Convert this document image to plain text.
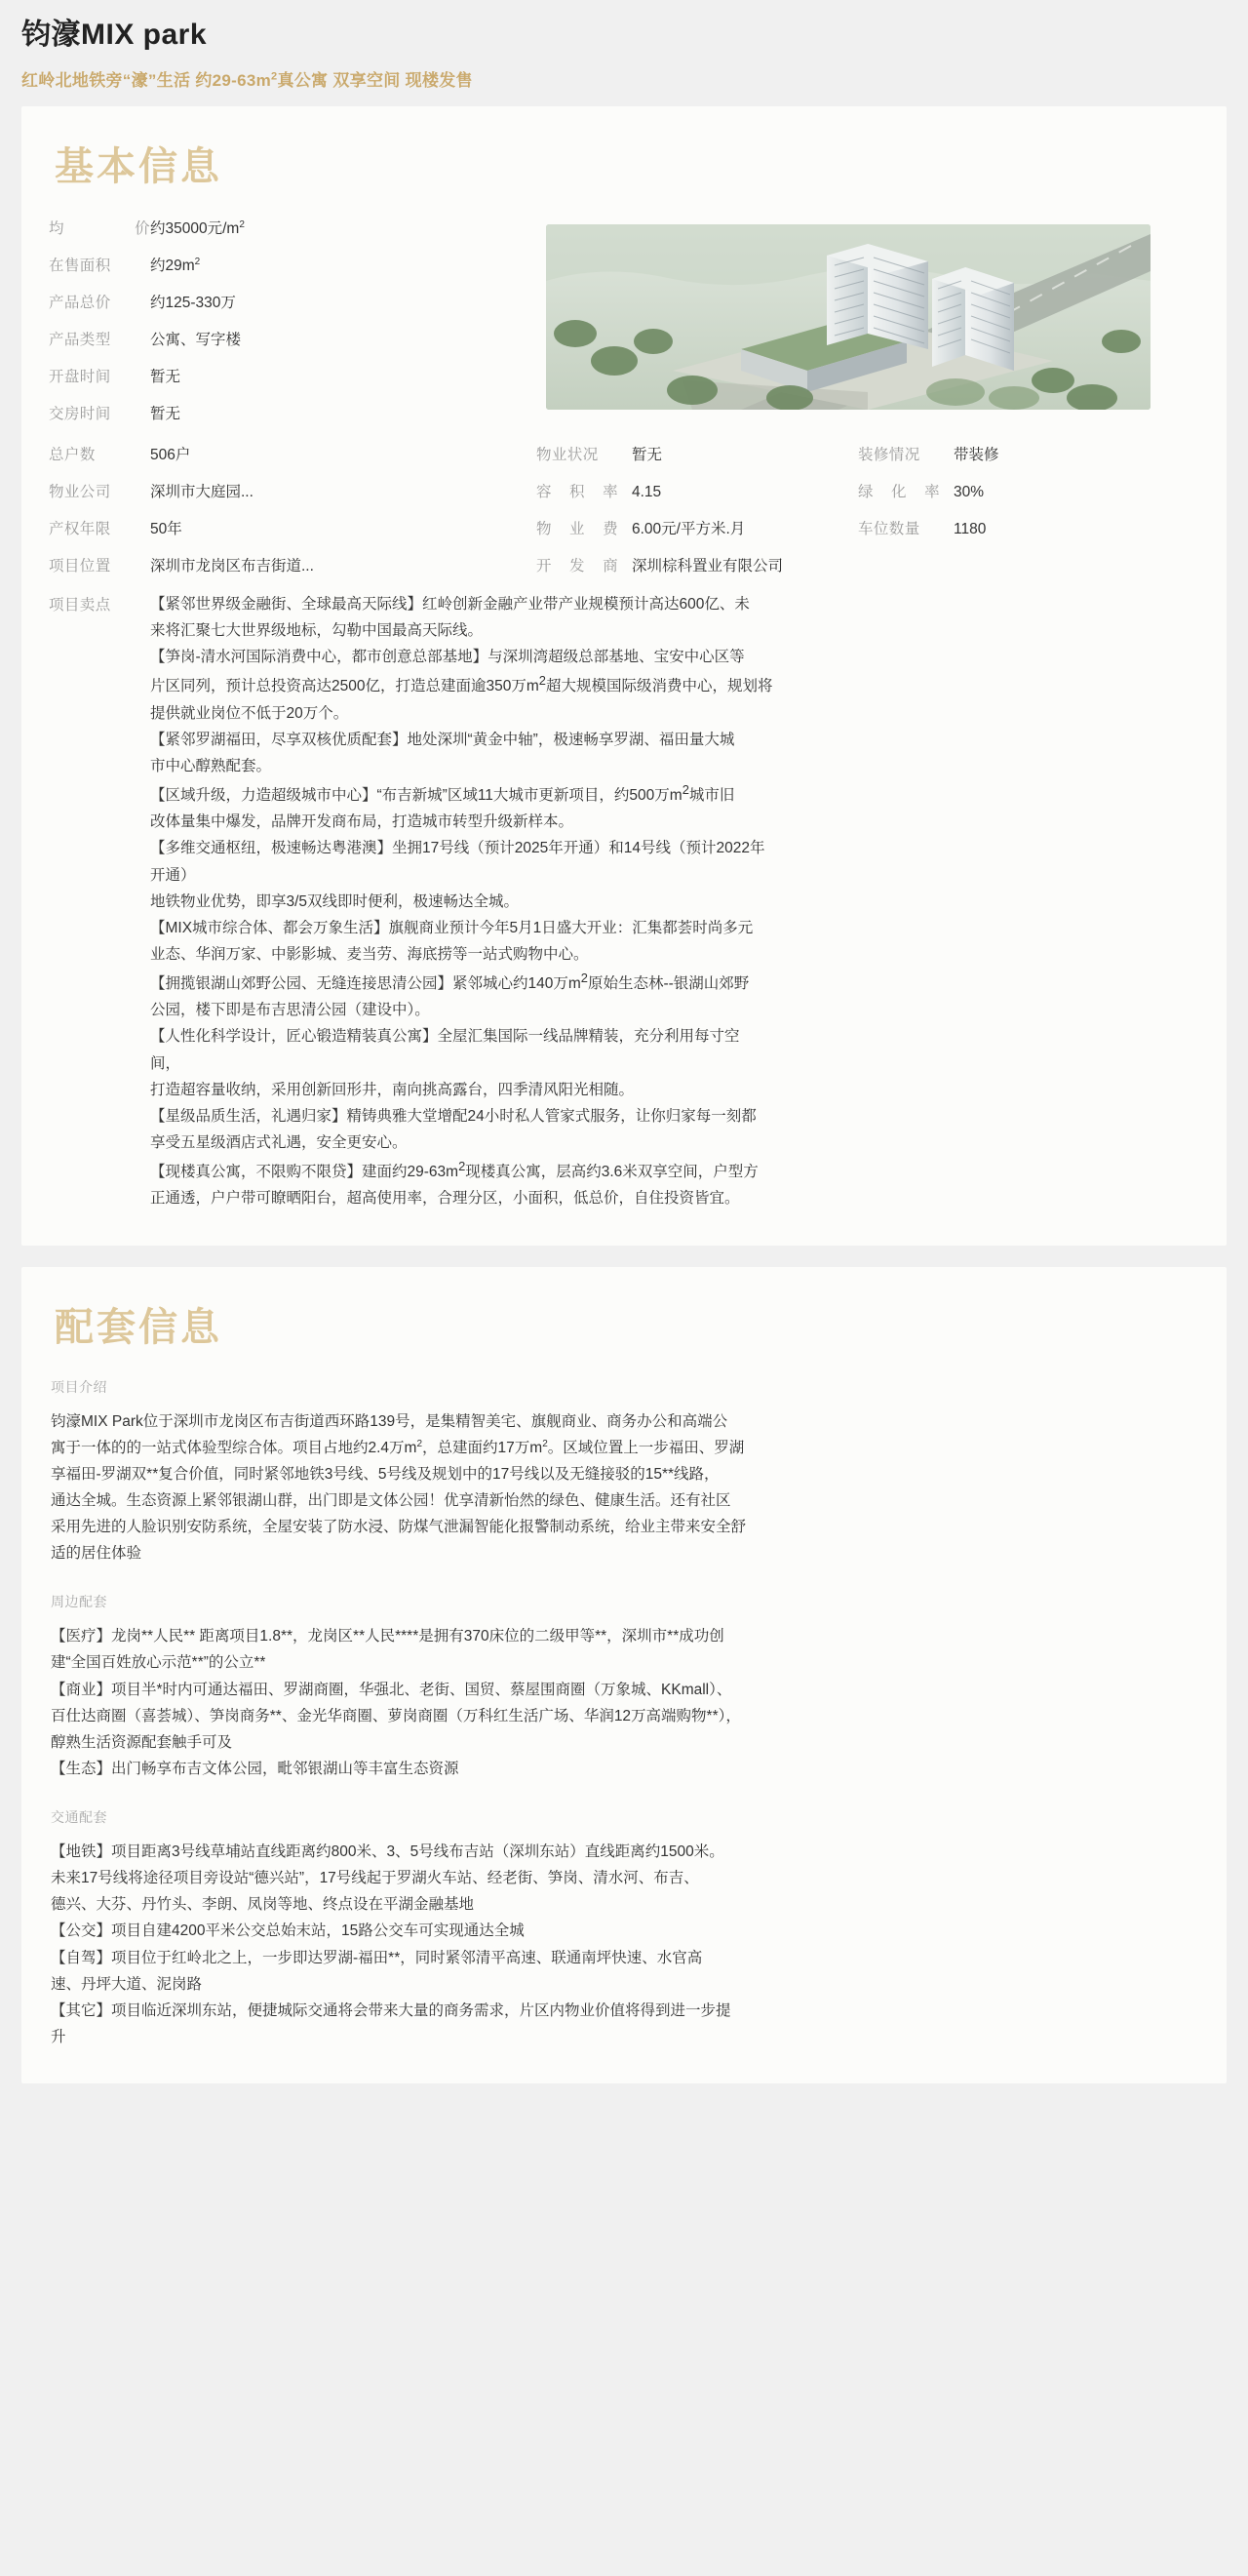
钧濠MIX park
红岭北地铁旁“濠”生活 约$29-63m^2$真公寓 双享空间 现楼发售
基本信息
均	价 约35000元$/m^2$
在售面积	约$29m^2$
产品总价	约125-330万
产品类型	公寓、写字楼
开盘时间	暂无
交房时间	暂无
总 户 数	506户	物业状况	暂无	装修情况	带装修
物业公司	深圳市大庭园...	容 积 率 4.15	绿 化 率 30%
产权年限	50年	物 业 费 6.00元/平方米.月	车位数量	1180
项目位置	深圳市龙岗区布吉街道...	开 发 商 深圳棕科置业有限公司
项目卖点	【紧邻世界级金融街、全球最高天际线】红岭创新金融产业带产业规模预计高达600亿、未

来将汇聚七大世界级地标，勾勒中国最高天际线。

【笋岗-清水河国际消费中心，都市创意总部基地】与深圳湾超级总部基地、宝安中心区等

片区同列，预计总投资高达2500亿，打造总建面逾350万$m^2$超大规模国际级消费中心，规划将

提供就业岗位不低于20万个。

【紧邻罗湖福田，尽享双核优质配套】地处深圳“黄金中轴”，极速畅享罗湖、福田量大城

市中心醇熟配套。

【区域升级，力造超级城市中心】“布吉新城”区域11大城市更新项目，约500万$m^2$城市旧

改体量集中爆发，品牌开发商布局，打造城市转型升级新样本。

【多维交通枢纽，极速畅达粤港澳】坐拥17号线（预计2025年开通）和14号线（预计2022年

开通）

地铁物业优势，即享3/5双线即时便利，极速畅达全城。

【MIX城市综合体、都会万象生活】旗舰商业预计今年5月1日盛大开业：汇集都荟时尚多元

业态、华润万家、中影影城、麦当劳、海底捞等一站式购物中心。

【拥揽银湖山郊野公园、无缝连接思清公园】紧邻城心约140万$m^2$原始生态林--银湖山郊野

公园，楼下即是布吉思清公园（建设中）。

【人性化科学设计，匠心锻造精装真公寓】全屋汇集国际一线品牌精装，充分利用每寸空

间，

打造超容量收纳，采用创新回形井，南向挑高露台，四季清风阳光相随。

【星级品质生活，礼遇归家】精铸典雅大堂增配24小时私人管家式服务，让你归家每一刻都

享受五星级酒店式礼遇，安全更安心。

【现楼真公寓，不限购不限贷】建面约$29-63m^2$现楼真公寓，层高约3.6米双享空间，户型方

正通透，户户带可瞭晒阳台，超高使用率，合理分区，小面积，低总价，自住投资皆宜。

配套信息
项目介绍

钧濠MIX Park位于深圳市龙岗区布吉街道西环路139号，是集精智美宅、旗舰商业、商务办公和高端公

寓于一体的的一站式体验型综合体。项目占地约2.4万$m^2$，总建面约17万$m^2$。区域位置上一步福田、罗湖

享福田-罗湖双**复合价值，同时紧邻地铁3号线、5号线及规划中的17号线以及无缝接驳的15**线路，

通达全城。生态资源上紧邻银湖山群，出门即是文体公园！优享清新怡然的绿色、健康生活。还有社区

采用先进的人脸识别安防系统，全屋安装了防水浸、防煤气泄漏智能化报警制动系统，给业主带来安全舒

适的居住体验

周边配套

【医疗】龙岗**人民** 距离项目1.8**，龙岗区**人民****是拥有370床位的二级甲等**，深圳市**成功创

建“全国百姓放心示范**”的公立**

【商业】项目半*时内可通达福田、罗湖商圈，华强北、老街、国贸、蔡屋围商圈（万象城、KKmall）、

百仕达商圈（喜荟城）、笋岗商务**、金光华商圈、萝岗商圈（万科红生活广场、华润12万高端购物**），

醇熟生活资源配套触手可及

【生态】出门畅享布吉文体公园，毗邻银湖山等丰富生态资源

交通配套

【地铁】项目距离3号线草埔站直线距离约800米、3、5号线布吉站（深圳东站）直线距离约1500米。

未来17号线将途径项目旁设站“德兴站”，17号线起于罗湖火车站、经老街、笋岗、清水河、布吉、

德兴、大芬、丹竹头、李朗、凤岗等地、终点设在平湖金融基地

【公交】项目自建4200平米公交总始末站，15路公交车可实现通达全城

【自驾】项目位于红岭北之上，一步即达罗湖-福田**，同时紧邻清平高速、联通南坪快速、水官高

速、丹坪大道、泥岗路

【其它】项目临近深圳东站，便捷城际交通将会带来大量的商务需求，片区内物业价值将得到进一步提

升
